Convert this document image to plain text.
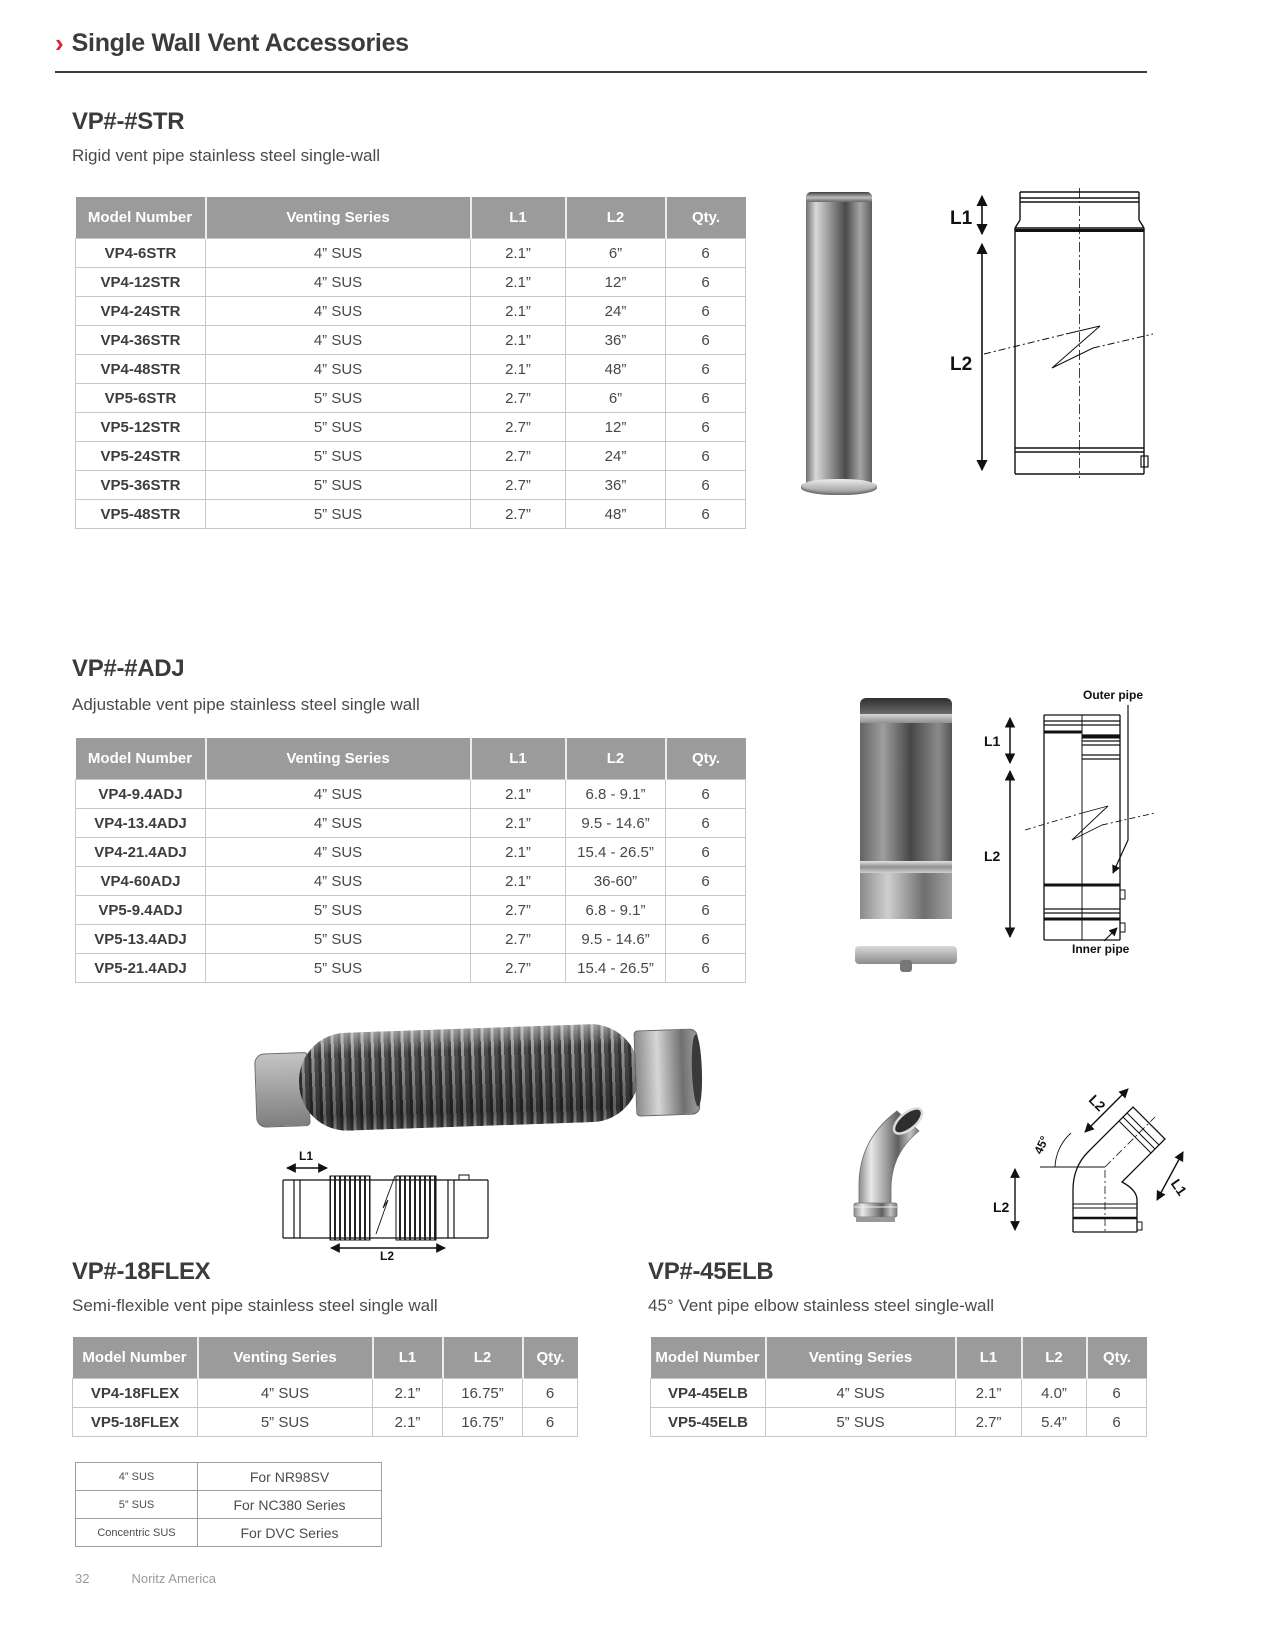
› Single Wall Vent Accessories
VP#-#STR

Rigid vent pipe stainless steel single-wall

Model Number	Venting Series	L1	L2	Qty.
VP4-6STR	4” SUS	2.1”	6”	6
VP4-12STR	4” SUS	2.1”	12”	6
VP4-24STR	4” SUS	2.1”	24”	6
VP4-36STR	4” SUS	2.1”	36”	6
VP4-48STR	4” SUS	2.1”	48”	6
VP5-6STR	5” SUS	2.7”	6”	6
VP5-12STR	5” SUS	2.7”	12”	6
VP5-24STR	5” SUS	2.7”	24”	6
VP5-36STR	5” SUS	2.7”	36”	6
VP5-48STR	5” SUS	2.7”	48”	6
L1
L2
VP#-#ADJ

Adjustable vent pipe stainless steel single wall

Model Number	Venting Series	L1	L2	Qty.
VP4-9.4ADJ	4” SUS	2.1”	6.8 - 9.1”	6
VP4-13.4ADJ	4” SUS	2.1”	9.5 - 14.6”	6
VP4-21.4ADJ	4” SUS	2.1”	15.4 - 26.5”	6
VP4-60ADJ	4” SUS	2.1”	36-60”	6
VP5-9.4ADJ	5” SUS	2.7”	6.8 - 9.1”	6
VP5-13.4ADJ	5” SUS	2.7”	9.5 - 14.6”	6
VP5-21.4ADJ	5” SUS	2.7”	15.4 - 26.5”	6
L1
L2
Outer pipe
Inner pipe
L1
L2
L2
L2
L1
45°
VP#-18FLEX

Semi-flexible vent pipe stainless steel single wall

Model Number	Venting Series	L1	L2	Qty.
VP4-18FLEX	4” SUS	2.1”	16.75”	6
VP5-18FLEX	5” SUS	2.1”	16.75”	6
VP#-45ELB

45° Vent pipe elbow stainless steel single-wall

Model Number	Venting Series	L1	L2	Qty.
VP4-45ELB	4” SUS	2.1”	4.0”	6
VP5-45ELB	5” SUS	2.7”	5.4”	6
4” SUS	For NR98SV
5” SUS	For NC380 Series
Concentric SUS	For DVC Series
32	Noritz America
